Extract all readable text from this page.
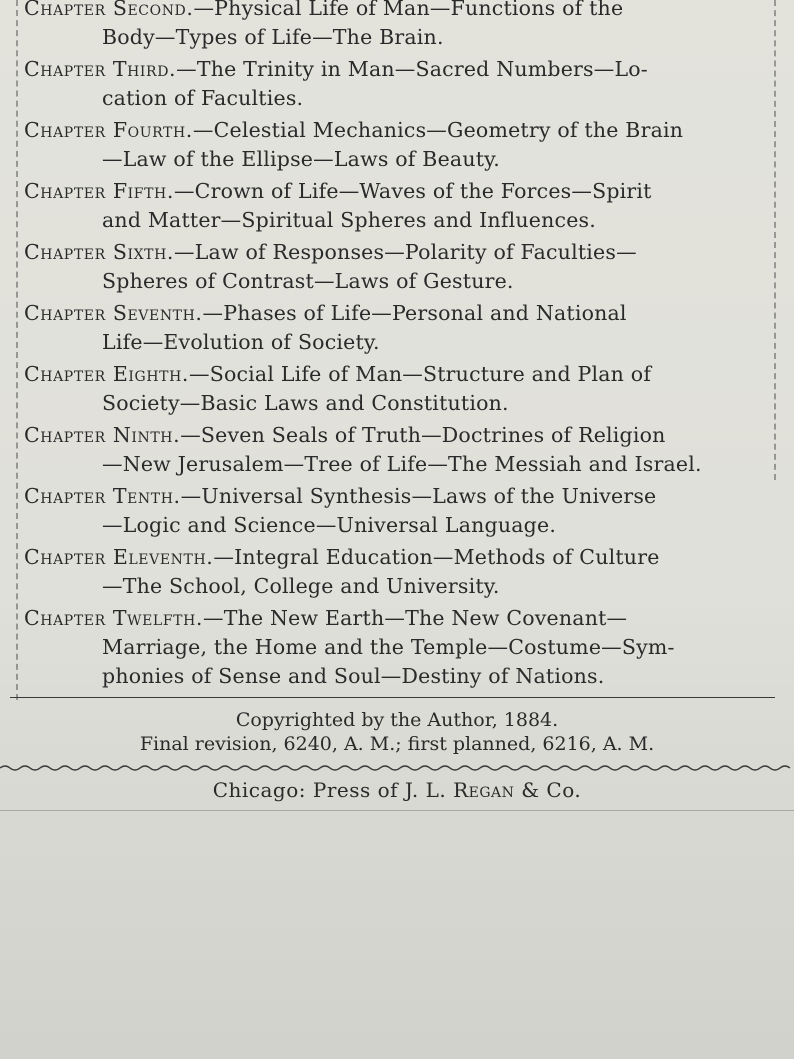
Chapter Second.—Physical Life of Man—Functions of the
Body—Types of Life—The Brain.
Chapter Third.—The Trinity in Man—Sacred Numbers—Lo-
cation of Faculties.
Chapter Fourth.—Celestial Mechanics—Geometry of the Brain
—Law of the Ellipse—Laws of Beauty.
Chapter Fifth.—Crown of Life—Waves of the Forces—Spirit
and Matter—Spiritual Spheres and Influences.
Chapter Sixth.—Law of Responses—Polarity of Faculties—
Spheres of Contrast—Laws of Gesture.
Chapter Seventh.—Phases of Life—Personal and National
Life—Evolution of Society.
Chapter Eighth.—Social Life of Man—Structure and Plan of
Society—Basic Laws and Constitution.
Chapter Ninth.—Seven Seals of Truth—Doctrines of Religion
—New Jerusalem—Tree of Life—The Messiah and Israel.
Chapter Tenth.—Universal Synthesis—Laws of the Universe
—Logic and Science—Universal Language.
Chapter Eleventh.—Integral Education—Methods of Culture
—The School, College and University.
Chapter Twelfth.—The New Earth—The New Covenant—
Marriage, the Home and the Temple—Costume—Sym-
phonies of Sense and Soul—Destiny of Nations.
Copyrighted by the Author, 1884.
Final revision, 6240, A. M.; first planned, 6216, A. M.
Chicago: Press of J. L. Regan & Co.
